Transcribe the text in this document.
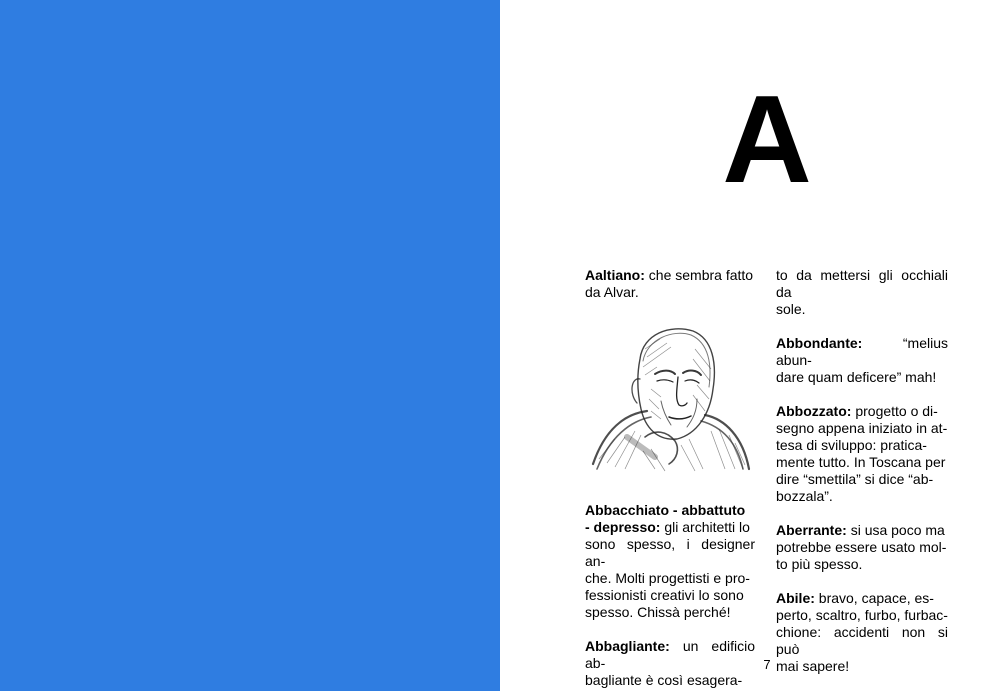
A
Aaltiano: che sembra fatto
da Alvar.
Abbacchiato - abbattuto
- depresso: gli architetti lo
sono spesso, i designer an-
che. Molti progettisti e pro-
fessionisti creativi lo sono
spesso. Chissà perché!
Abbagliante: un edificio ab-
bagliante è così esagera-
to da mettersi gli occhiali da
sole.
Abbondante:	“melius abun-
dare quam deficere” mah!
Abbozzato: progetto o di-
segno appena iniziato in at-
tesa di sviluppo: pratica-
mente tutto. In Toscana per
dire “smettila” si dice “ab-
bozzala”.
Aberrante: si usa poco ma
potrebbe essere usato mol-
to più spesso.
Abile: bravo, capace, es-
perto, scaltro, furbo, furbac-
chione: accidenti non si può
mai sapere!
7
